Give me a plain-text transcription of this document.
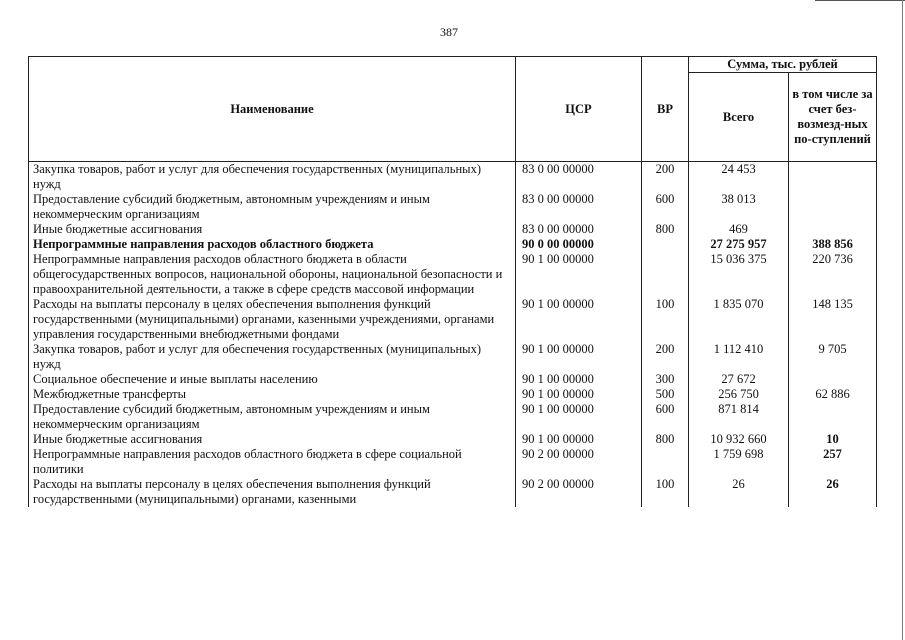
387
Наименование	ЦСР	ВР	Сумма, тыс. рублей	
			Всего	в том числе за счет без-возмезд-ных по-ступлений
Закупка товаров, работ и услуг для обеспечения государственных (муниципальных) нужд	83 0 00 00000	200	24 453	
Предоставление субсидий бюджетным, автономным учреждениям и иным некоммерческим организациям	83 0 00 00000	600	38 013	
Иные бюджетные ассигнования	83 0 00 00000	800	469	
Непрограммные направления расходов областного бюджета	90 0 00 00000		27 275 957	388 856
Непрограммные направления расходов областного бюджета в области общегосударственных вопросов, национальной обороны, национальной безопасности и правоохранительной деятельности, а также в сфере средств массовой информации	90 1 00 00000		15 036 375	220 736
Расходы на выплаты персоналу в целях обеспечения выполнения функций государственными (муниципальными) органами, казенными учреждениями, органами управления государственными внебюджетными фондами	90 1 00 00000	100	1 835 070	148 135
Закупка товаров, работ и услуг для обеспечения государственных (муниципальных) нужд	90 1 00 00000	200	1 112 410	9 705
Социальное обеспечение и иные выплаты населению	90 1 00 00000	300	27 672	
Межбюджетные трансферты	90 1 00 00000	500	256 750	62 886
Предоставление субсидий бюджетным, автономным учреждениям и иным некоммерческим организациям	90 1 00 00000	600	871 814	
Иные бюджетные ассигнования	90 1 00 00000	800	10 932 660	10
Непрограммные направления расходов областного бюджета в сфере социальной политики	90 2 00 00000		1 759 698	257
Расходы на выплаты персоналу в целях обеспечения выполнения функций государственными (муниципальными) органами, казенными	90 2 00 00000	100	26	26
